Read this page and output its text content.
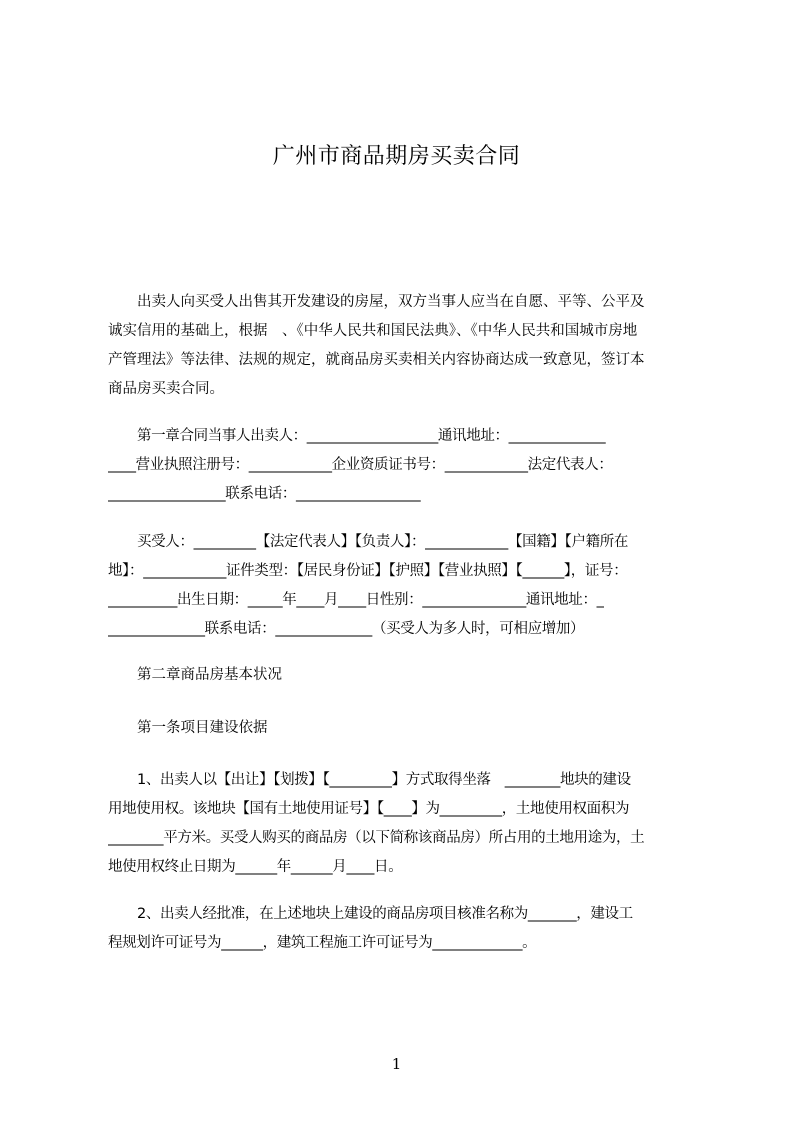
广州市商品期房买卖合同
出卖人向买受人出售其开发建设的房屋，双方当事人应当在自愿、平等、公平及
诚实信用的基础上，根据　、《中华人民共和国民法典》、《中华人民共和国城市房地
产管理法》等法律、法规的规定，就商品房买卖相关内容协商达成一致意见，签订本
商品房买卖合同。
第一章合同当事人出卖人：___________________通讯地址：______________
____营业执照注册号：____________企业资质证书号：____________法定代表人：
_________________联系电话：__________________
买受人：_________【法定代表人】【负责人】：____________【国籍】【户籍所在
地】：____________证件类型：【居民身份证】【护照】【营业执照】【______】，证号：
__________出生日期：_____年____月____日性别：_______________通讯地址：_
______________联系电话：______________（买受人为多人时，可相应增加）
第二章商品房基本状况
第一条项目建设依据
1、出卖人以【出让】【划拨】【_________】方式取得坐落　________地块的建设
用地使用权。该地块【国有土地使用证号】【____】为_________，土地使用权面积为
________平方米。买受人购买的商品房（以下简称该商品房）所占用的土地用途为，土
地使用权终止日期为______年______月____日。
2、出卖人经批准，在上述地块上建设的商品房项目核准名称为_______，建设工
程规划许可证号为______，建筑工程施工许可证号为_____________。

1
